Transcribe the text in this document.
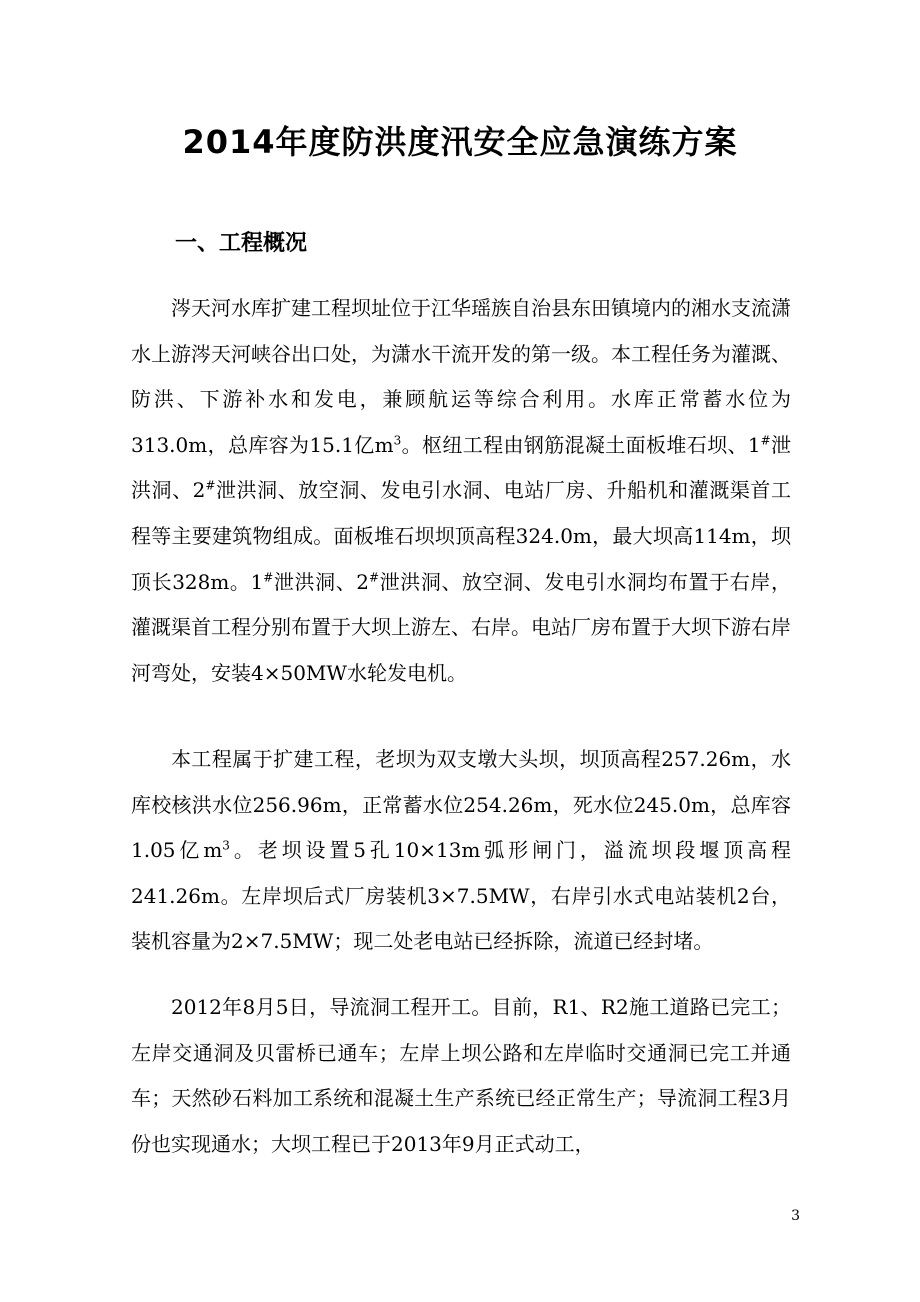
2014年度防洪度汛安全应急演练方案
一、工程概况

涔天河水库扩建工程坝址位于江华瑶族自治县东田镇境内的湘水支流潇水上游涔天河峡谷出口处，为潇水干流开发的第一级。本工程任务为灌溉、防洪、下游补水和发电，兼顾航运等综合利用。水库正常蓄水位为313.0m，总库容为15.1亿$m^3$。枢纽工程由钢筋混凝土面板堆石坝、1#泄洪洞、2#泄洪洞、放空洞、发电引水洞、电站厂房、升船机和灌溉渠首工程等主要建筑物组成。面板堆石坝坝顶高程324.0m，最大坝高114m，坝顶长328m。1#泄洪洞、2#泄洪洞、放空洞、发电引水洞均布置于右岸，灌溉渠首工程分别布置于大坝上游左、右岸。电站厂房布置于大坝下游右岸河弯处，安装4×50MW水轮发电机。

本工程属于扩建工程，老坝为双支墩大头坝，坝顶高程257.26m，水库校核洪水位256.96m，正常蓄水位254.26m，死水位245.0m，总库容1.05亿$m^3$。老坝设置5孔10×13m弧形闸门，溢流坝段堰顶高程241.26m。左岸坝后式厂房装机3×7.5MW，右岸引水式电站装机2台，装机容量为2×7.5MW；现二处老电站已经拆除，流道已经封堵。

2012年8月5日，导流洞工程开工。目前，R1、R2施工道路已完工；左岸交通洞及贝雷桥已通车；左岸上坝公路和左岸临时交通洞已完工并通车；天然砂石料加工系统和混凝土生产系统已经正常生产；导流洞工程3月份也实现通水；大坝工程已于2013年9月正式动工，

3
